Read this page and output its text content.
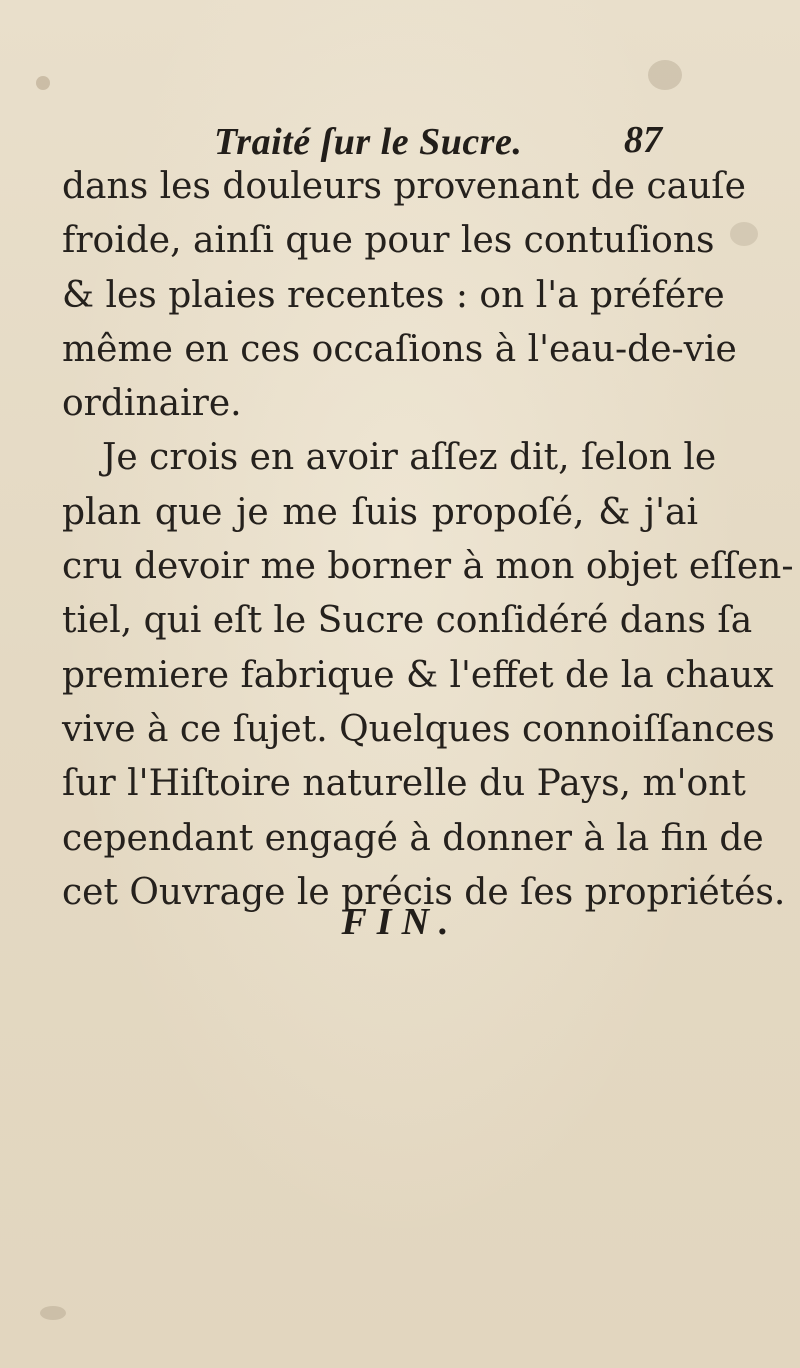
Traité ſur le Sucre.	87
dans les douleurs provenant de cauſe
froide, ainſi que pour les contuſions
& les plaies recentes : on l'a préfére
même en ces occaſions à l'eau-de-vie
ordinaire.
Je crois en avoir aſſez dit, ſelon le
plan que je me ſuis propoſé, & j'ai
cru devoir me borner à mon objet eſſen-
tiel, qui eſt le Sucre conſidéré dans ſa
premiere fabrique & l'effet de la chaux
vive à ce ſujet. Quelques connoiſſances
ſur l'Hiſtoire naturelle du Pays, m'ont
cependant engagé à donner à la fin de
cet Ouvrage le précis de ſes propriétés.
FIN.
